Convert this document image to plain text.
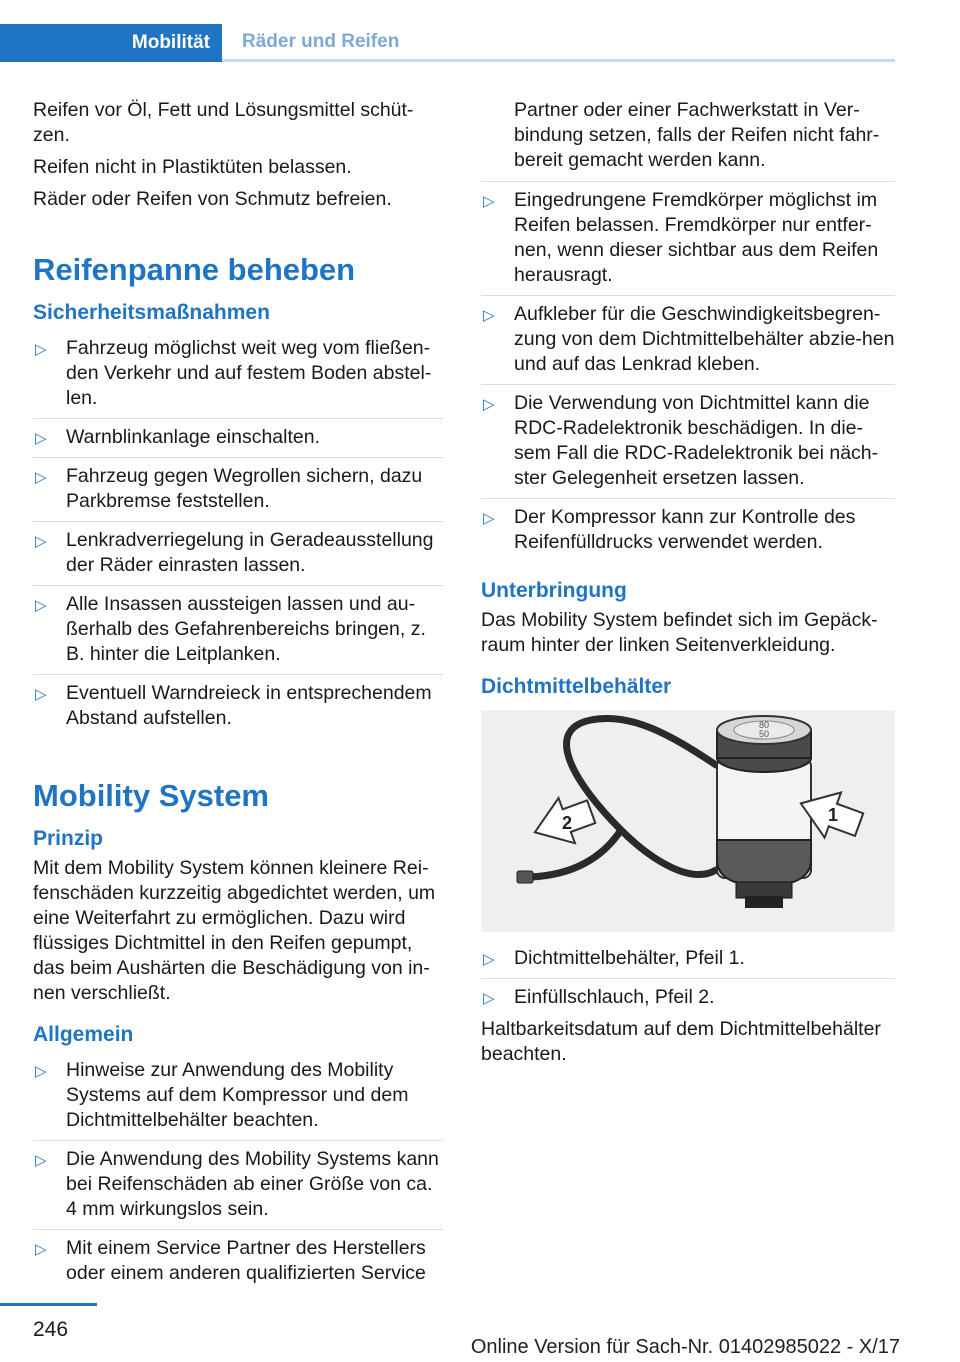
Mobilität	Räder und Reifen

Reifen vor Öl, Fett und Lösungsmittel schüt‐zen.

Reifen nicht in Plastiktüten belassen.

Räder oder Reifen von Schmutz befreien.

Reifenpanne beheben
Sicherheitsmaßnahmen
▷ Fahrzeug möglichst weit weg vom fließen‐den Verkehr und auf festem Boden abstel‐len.
▷ Warnblinkanlage einschalten.
▷ Fahrzeug gegen Wegrollen sichern, dazu Parkbremse feststellen.
▷ Lenkradverriegelung in Geradeausstellung der Räder einrasten lassen.
▷ Alle Insassen aussteigen lassen und au‐ßerhalb des Gefahrenbereichs bringen, z. B. hinter die Leitplanken.
▷ Eventuell Warndreieck in entsprechendem Abstand aufstellen.
Mobility System
Prinzip

Mit dem Mobility System können kleinere Rei‐fenschäden kurzzeitig abgedichtet werden, um eine Weiterfahrt zu ermöglichen. Dazu wird flüssiges Dichtmittel in den Reifen gepumpt, das beim Aushärten die Beschädigung von in‐nen verschließt.

Allgemein
▷ Hinweise zur Anwendung des Mobility Systems auf dem Kompressor und dem Dichtmittelbehälter beachten.
▷ Die Anwendung des Mobility Systems kann bei Reifenschäden ab einer Größe von ca. 4 mm wirkungslos sein.
▷ Mit einem Service Partner des Herstellers oder einem anderen qualifizierten Service

Partner oder einer Fachwerkstatt in Ver‐bindung setzen, falls der Reifen nicht fahr‐bereit gemacht werden kann.

▷ Eingedrungene Fremdkörper möglichst im Reifen belassen. Fremdkörper nur entfer‐nen, wenn dieser sichtbar aus dem Reifen herausragt.
▷ Aufkleber für die Geschwindigkeitsbegren‐zung von dem Dichtmittelbehälter abzie‐hen und auf das Lenkrad kleben.
▷ Die Verwendung von Dichtmittel kann die RDC-Radelektronik beschädigen. In die‐sem Fall die RDC-Radelektronik bei näch‐ster Gelegenheit ersetzen lassen.
▷ Der Kompressor kann zur Kontrolle des Reifenfülldrucks verwendet werden.
Unterbringung

Das Mobility System befindet sich im Gepäck‐raum hinter der linken Seitenverkleidung.

Dichtmittelbehälter
80
50
2	1
▷ Dichtmittelbehälter, Pfeil 1.
▷ Einfüllschlauch, Pfeil 2.

Haltbarkeitsdatum auf dem Dichtmittelbehälter beachten.

246
Online Version für Sach-Nr. 01402985022 - X/17
